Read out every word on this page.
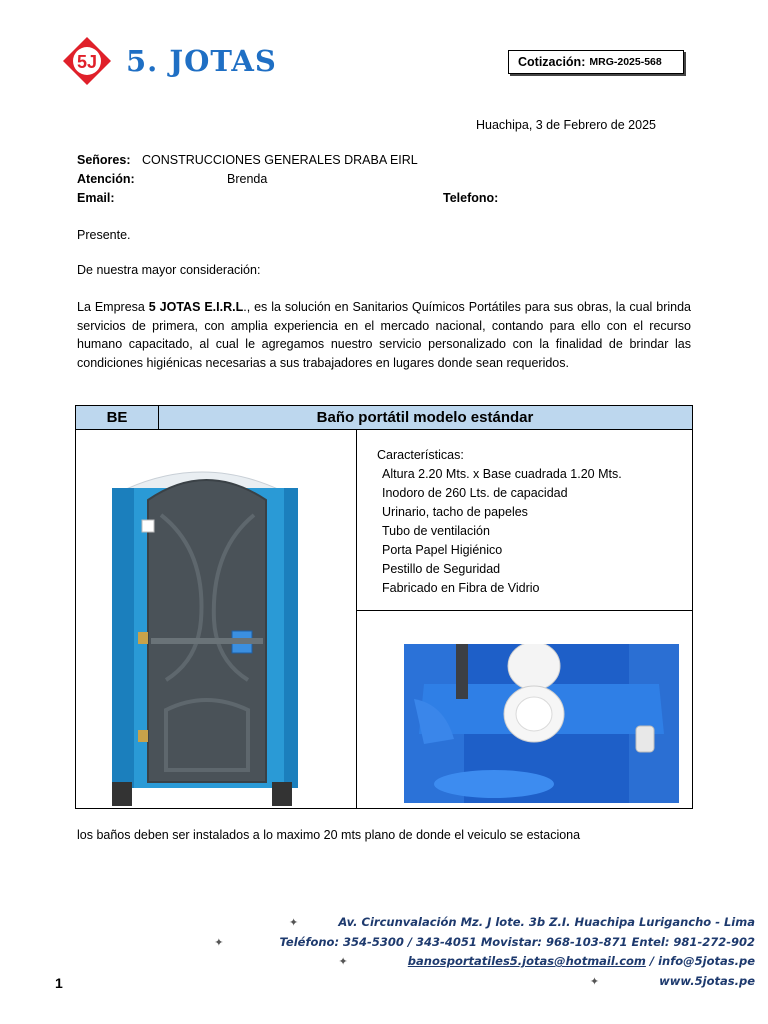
5J 5. JOTAS	Cotización: MRG-2025-568
Huachipa, 3 de Febrero de 2025
Señores: CONSTRUCCIONES GENERALES DRABA EIRL
Atención:	Brenda
Email:	Telefono:
Presente.
De nuestra mayor consideración:
La Empresa 5 JOTAS E.I.R.L., es la solución en Sanitarios Químicos Portátiles para sus obras, la cual brinda servicios de primera, con amplia experiencia en el mercado nacional, contando para ello con el recurso humano capacitado, al cual le agregamos nuestro servicio personalizado con la finalidad de brindar las condiciones higiénicas necesarias a sus trabajadores en lugares donde sean requeridos.
BE	Baño portátil modelo estándar
Características:
Altura 2.20 Mts. x Base cuadrada 1.20 Mts.
Inodoro de 260 Lts. de capacidad
Urinario, tacho de papeles
Tubo de ventilación
Porta Papel Higiénico
Pestillo de Seguridad
Fabricado en Fibra de Vidrio
los baños deben ser instalados a lo maximo 20 mts plano de donde el veiculo se estaciona
✦	Av. Circunvalación Mz. J lote. 3b Z.I. Huachipa Lurigancho - Lima
✦	Teléfono: 354-5300 / 343-4051 Movistar: 968-103-871 Entel: 981-272-902
✦	banosportatiles5.jotas@hotmail.com / info@5jotas.pe
✦	www.5jotas.pe
1
